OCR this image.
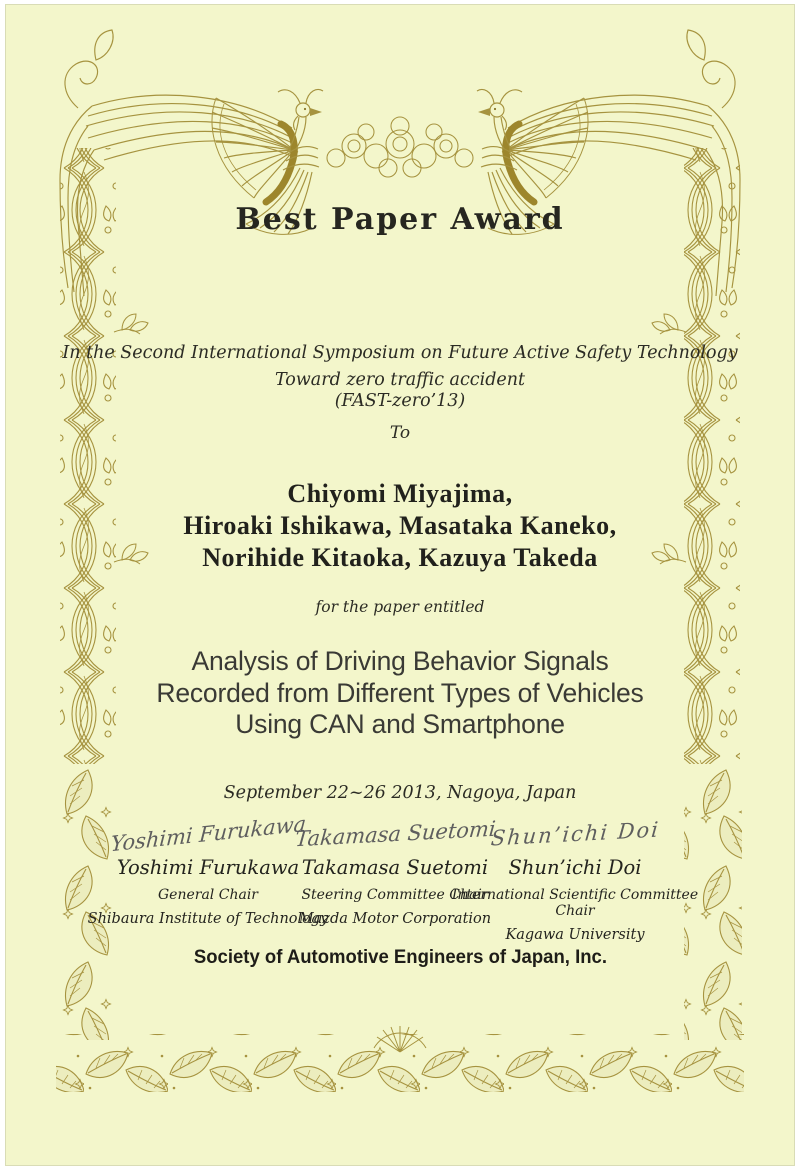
Best Paper Award
In the Second International Symposium on Future Active Safety Technology
Toward zero traffic accident
(FAST-zero’13)
To
Chiyomi Miyajima,
Hiroaki Ishikawa, Masataka Kaneko,
Norihide Kitaoka, Kazuya Takeda
for the paper entitled
Analysis of Driving Behavior Signals
Recorded from Different Types of Vehicles
Using CAN and Smartphone
September 22~26 2013, Nagoya, Japan
Yoshimi Furukawa
Yoshimi Furukawa
General Chair
Shibaura Institute of Technology
Takamasa Suetomi
Takamasa Suetomi
Steering Committee Chair
Mazda Motor Corporation
Shun’ichi Doi
Shun’ichi Doi
International Scientific Committee Chair
Kagawa University
Society of Automotive Engineers of Japan, Inc.
